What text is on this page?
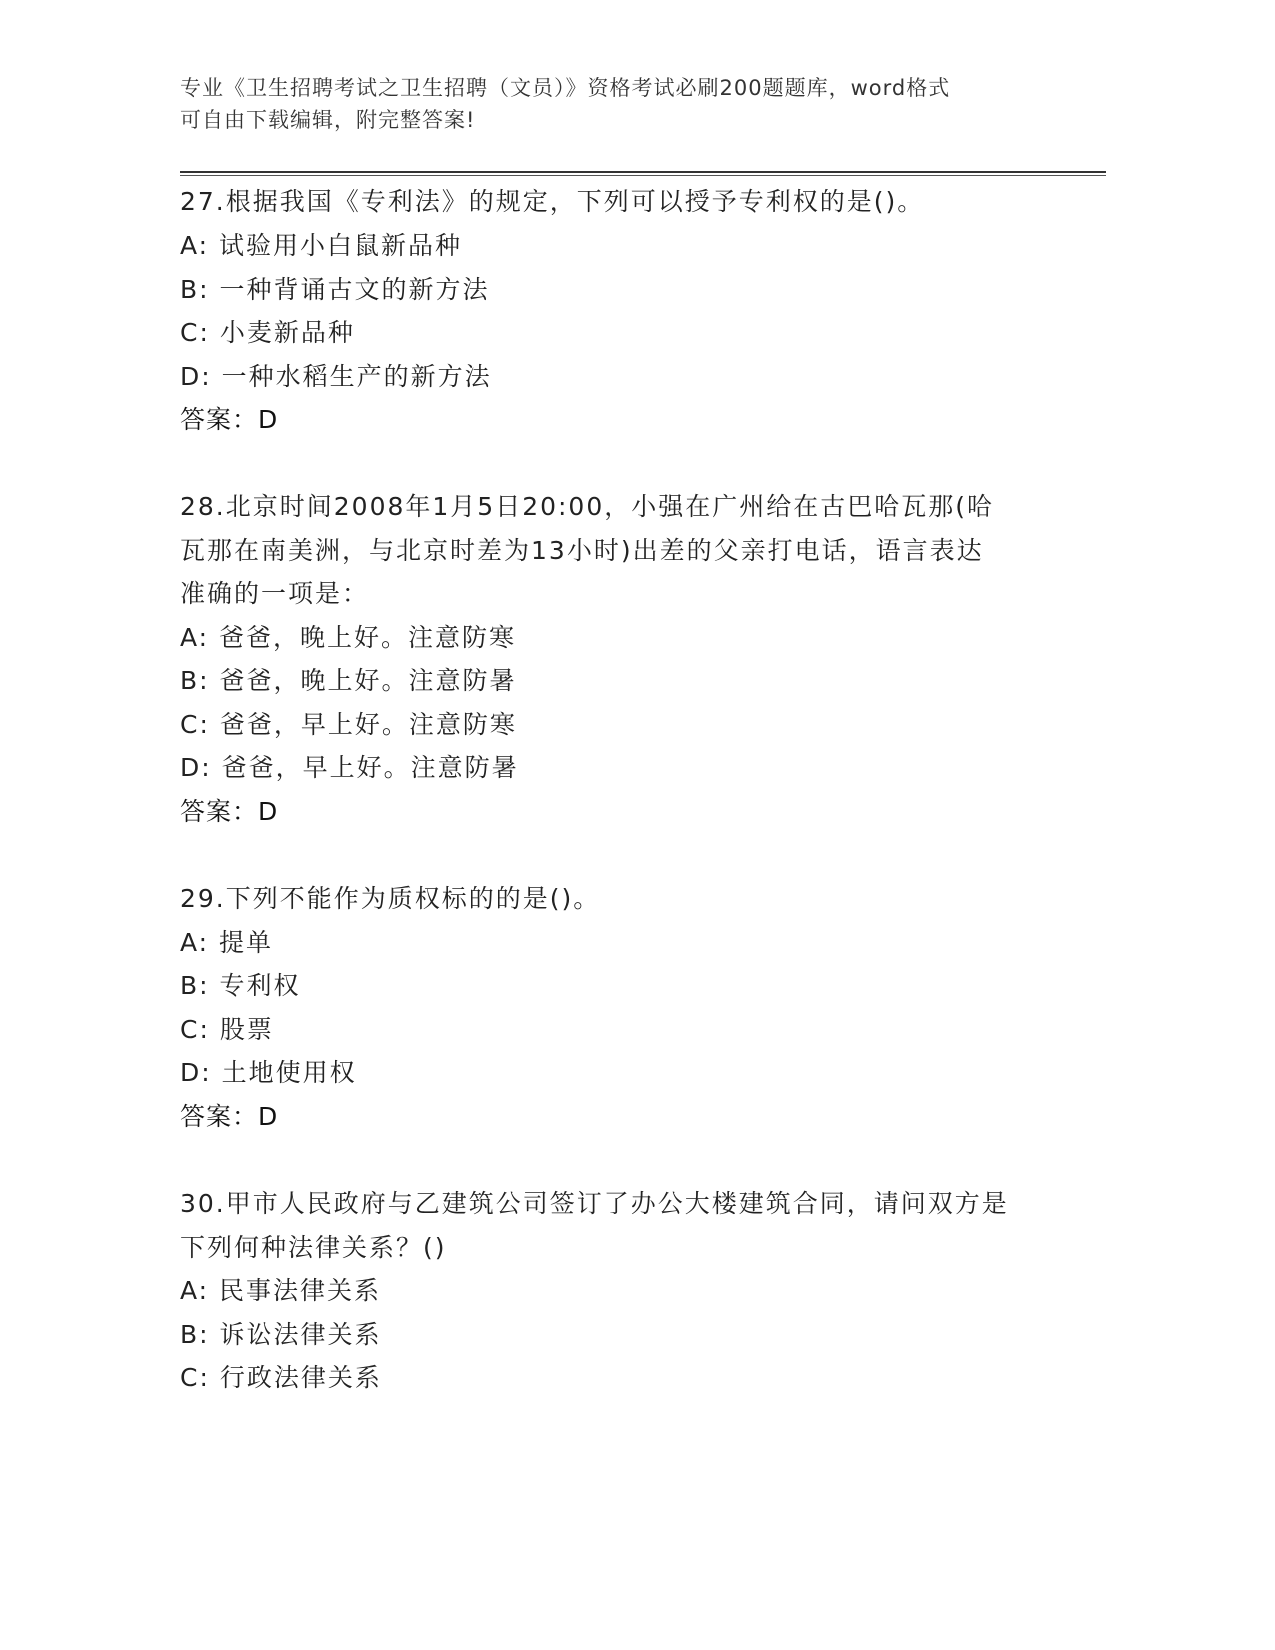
专业《卫生招聘考试之卫生招聘（文员）》资格考试必刷200题题库，word格式
可自由下载编辑，附完整答案!
27.根据我国《专利法》的规定，下列可以授予专利权的是()。
A: 试验用小白鼠新品种
B: 一种背诵古文的新方法
C: 小麦新品种
D: 一种水稻生产的新方法
答案：D
28.北京时间2008年1月5日20:00，小强在广州给在古巴哈瓦那(哈
瓦那在南美洲，与北京时差为13小时)出差的父亲打电话，语言表达
准确的一项是：
A: 爸爸，晚上好。注意防寒
B: 爸爸，晚上好。注意防暑
C: 爸爸，早上好。注意防寒
D: 爸爸，早上好。注意防暑
答案：D
29.下列不能作为质权标的的是()。
A: 提单
B: 专利权
C: 股票
D: 土地使用权
答案：D
30.甲市人民政府与乙建筑公司签订了办公大楼建筑合同，请问双方是
下列何种法律关系？()
A: 民事法律关系
B: 诉讼法律关系
C: 行政法律关系
